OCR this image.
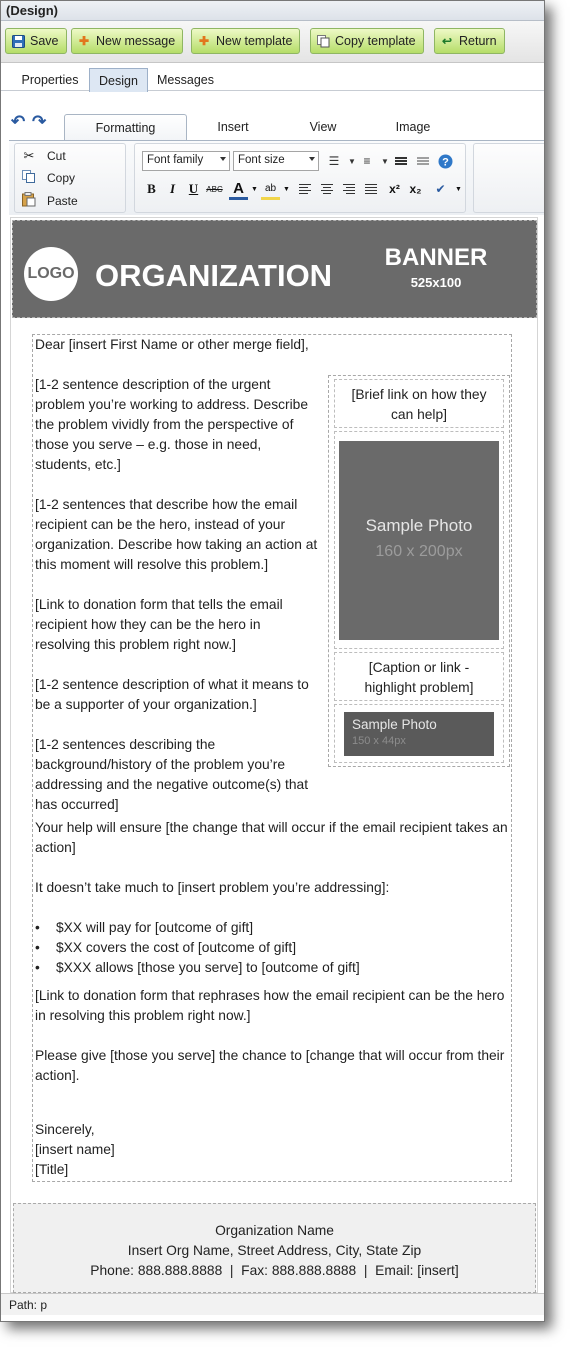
(Design)
Save ✚ New message ✚ New template	Copy template ↩ Return
Properties	Design	Messages
↶ ↷	Formatting	Insert	View	Image
✂ Cut
Copy
Paste
Font family	Font size	☰	▼ ≡	▼	?
B	I	U	ABC A	▼ ab ▼	x² x₂	✔	▼
LOGO ORGANIZATION
BANNER
525x100
Dear [insert First Name or other merge field],
[1-2 sentence description of the urgent problem you’re working to address. Describe the problem vividly from the perspective of those you serve – e.g. those in need, students, etc.]
[1-2 sentences that describe how the email recipient can be the hero, instead of your organization. Describe how taking an action at this moment will resolve this problem.]
[Link to donation form that tells the email recipient how they can be the hero in resolving this problem right now.]
[1-2 sentence description of what it means to be a supporter of your organization.]
[1-2 sentences describing the background/history of the problem you’re addressing and the negative outcome(s) that has occurred]
Your help will ensure [the change that will occur if the email recipient takes an action]
It doesn’t take much to [insert problem you’re addressing]:
• $XX will pay for [outcome of gift]
• $XX covers the cost of [outcome of gift]
• $XXX allows [those you serve] to [outcome of gift]
[Link to donation form that rephrases how the email recipient can be the hero in resolving this problem right now.]
Please give [those you serve] the chance to [change that will occur from their action].
Sincerely,
[insert name]
[Title]
[Brief link on how they can help]
Sample Photo
160 x 200px
[Caption or link - highlight problem]
Sample Photo
150 x 44px
Organization Name
Insert Org Name, Street Address, City, State Zip
Phone: 888.888.8888  |  Fax: 888.888.8888  |  Email: [insert]
Path: p
